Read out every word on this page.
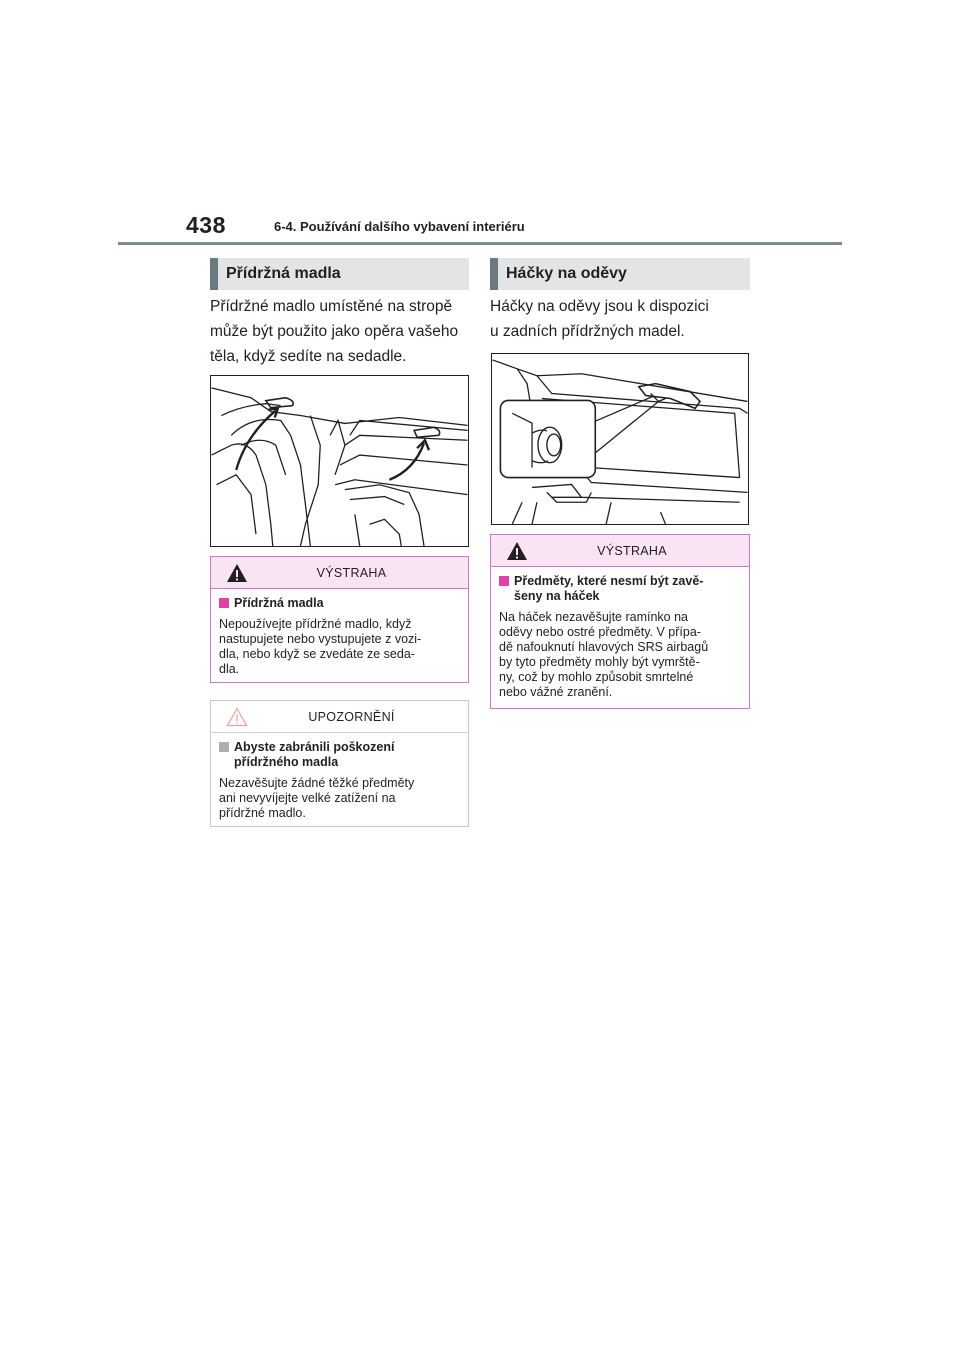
438	6-4. Používání dalšího vybavení interiéru
Přídržná madla

Přídržné madlo umístěné na stropě
může být použito jako opěra vašeho
těla, když sedíte na sedadle.

VÝSTRAHA
Přídržná madla
Nepoužívejte přídržné madlo, když
nastupujete nebo vystupujete z vozi-
dla, nebo když se zvedáte ze seda-
dla.
UPOZORNĚNÍ
Abyste zabránili poškození
přídržného madla
Nezavěšujte žádné těžké předměty
ani nevyvíjejte velké zatížení na
přídržné madlo.
Háčky na oděvy

Háčky na oděvy jsou k dispozici
u zadních přídržných madel.

VÝSTRAHA
Předměty, které nesmí být zavě-
šeny na háček
Na háček nezavěšujte ramínko na
oděvy nebo ostré předměty. V přípa-
dě nafouknutí hlavových SRS airbagů
by tyto předměty mohly být vymrště-
ny, což by mohlo způsobit smrtelné
nebo vážné zranění.
